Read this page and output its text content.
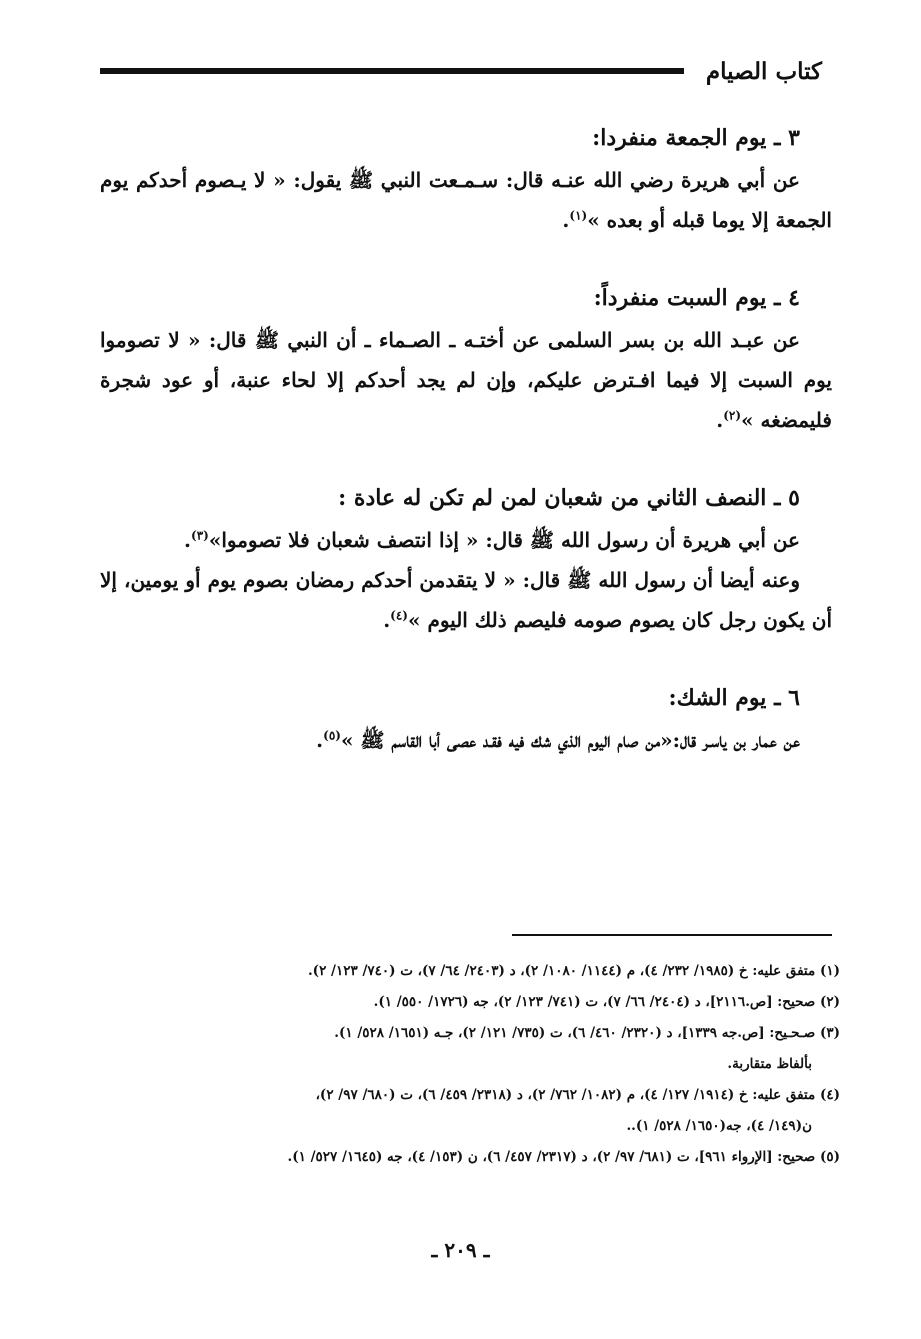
كتاب الصيام
٣ ـ يوم الجمعة منفردا:

عن أبي هريرة رضي الله عنـه قال: سـمـعت النبي ﷺ يقول: « لا يـصوم أحدكم يوم الجمعة إلا يوما قبله أو بعده »$^{(١)}$.

٤ ـ يوم السبت منفرداً:

عن عبـد الله بن بسر السلمى عن أختـه ـ الصـماء ـ أن النبي ﷺ قال: « لا تصوموا يوم السبت إلا فيما افـترض عليكم، وإن لم يجد أحدكم إلا لحاء عنبة، أو عود شجرة فليمضغه »$^{(٢)}$.

٥ ـ النصف الثاني من شعبان لمن لم تكن له عادة :

عن أبي هريرة أن رسول الله ﷺ قال: « إذا انتصف شعبان فلا تصوموا»$^{(٣)}$.

وعنه أيضا أن رسول الله ﷺ قال: « لا يتقدمن أحدكم رمضان بصوم يوم أو يومين، إلا أن يكون رجل كان يصوم صومه فليصم ذلك اليوم »$^{(٤)}$.

٦ ـ يوم الشك:

عن عمار بن ياسـر قال:«من صام اليوم الذي شك فيه فقـد عصى أبا القاسم ﷺ »$^{(٥)}$.

(١) متفق عليه: خ (١٩٨٥/ ٢٣٢/ ٤)، م (١١٤٤/ ١٠٨٠/ ٢)، د (٢٤٠٣/ ٦٤/ ٧)، ت (٧٤٠/ ١٢٣/ ٢).

(٢) صحيح: [ص.٢١١٦]، د (٢٤٠٤/ ٦٦/ ٧)، ت (٧٤١/ ١٢٣/ ٢)، جه (١٧٢٦/ ٥٥٠/ ١).

(٣) صـحـيح: [ص.جه ١٣٣٩]، د (٢٣٢٠/ ٤٦٠/ ٦)، ت (٧٣٥/ ١٢١/ ٢)، جـه (١٦٥١/ ٥٢٨/ ١).

بألفاظ متقاربة.

(٤) متفق عليه: خ (١٩١٤/ ١٢٧/ ٤)، م (١٠٨٢/ ٧٦٢/ ٢)، د (٢٣١٨/ ٤٥٩/ ٦)، ت (٦٨٠/ ٩٧/ ٢)،

ن(١٤٩/ ٤)، جه(١٦٥٠/ ٥٢٨/ ١)..

(٥) صحيح: [الإرواء ٩٦١]، ت (٦٨١/ ٩٧/ ٢)، د (٢٣١٧/ ٤٥٧/ ٦)، ن (١٥٣/ ٤)، جه (١٦٤٥/ ٥٢٧/ ١).

ـ ٢٠٩ ـ
